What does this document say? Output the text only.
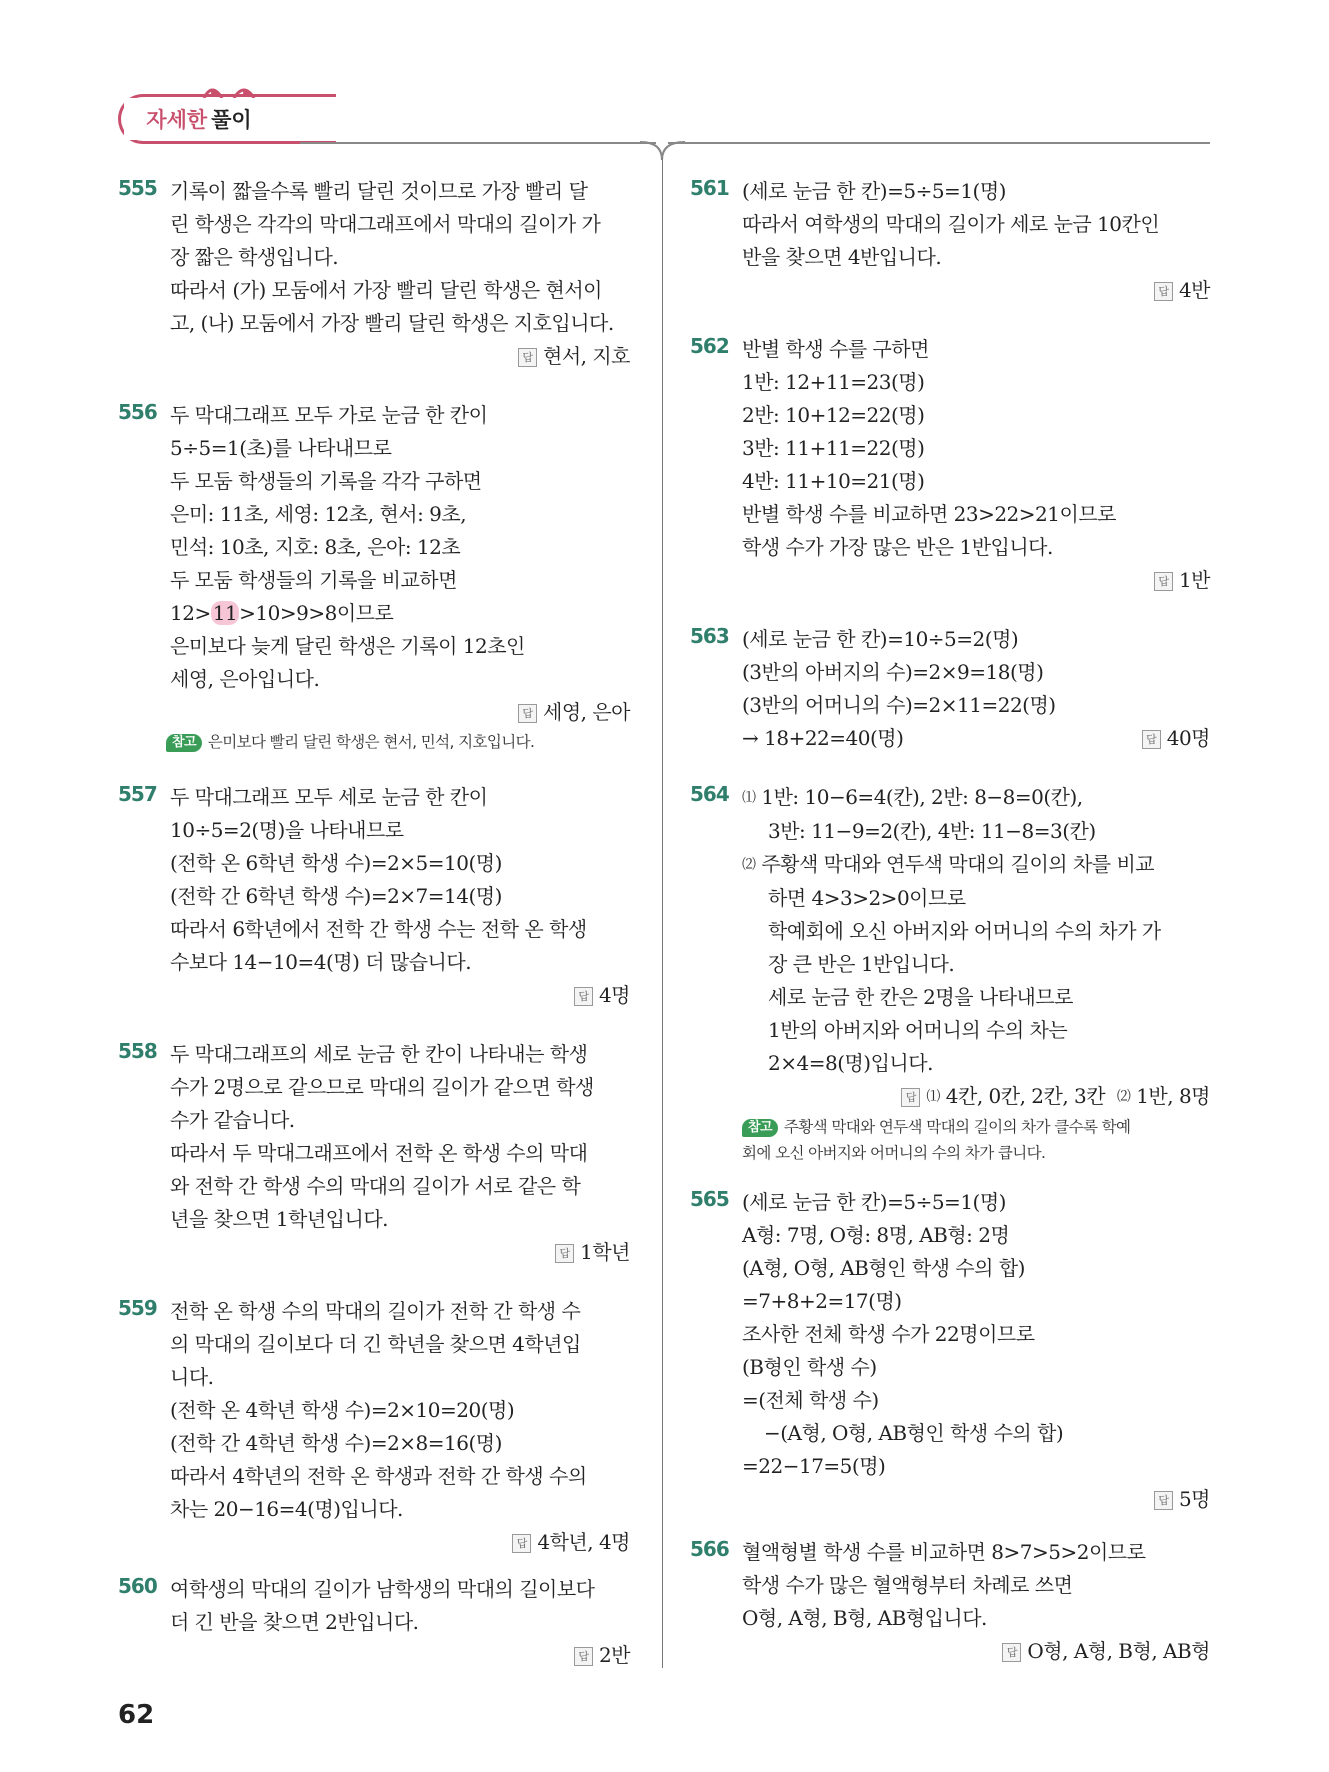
자세한 풀이
555 기록이 짧을수록 빨리 달린 것이므로 가장 빨리 달
린 학생은 각각의 막대그래프에서 막대의 길이가 가
장 짧은 학생입니다.
따라서 (가) 모둠에서 가장 빨리 달린 학생은 현서이
고, (나) 모둠에서 가장 빨리 달린 학생은 지호입니다.
답 현서, 지호
556 두 막대그래프 모두 가로 눈금 한 칸이
5÷5=1(초)를 나타내므로
두 모둠 학생들의 기록을 각각 구하면
은미: 11초, 세영: 12초, 현서: 9초,
민석: 10초, 지호: 8초, 은아: 12초
두 모둠 학생들의 기록을 비교하면
12> 11 >10>9>8이므로
은미보다 늦게 달린 학생은 기록이 12초인
세영, 은아입니다.
답 세영, 은아
참고 은미보다 빨리 달린 학생은 현서, 민석, 지호입니다.
557 두 막대그래프 모두 세로 눈금 한 칸이
10÷5=2(명)을 나타내므로
(전학 온 6학년 학생 수)=2×5=10(명)
(전학 간 6학년 학생 수)=2×7=14(명)
따라서 6학년에서 전학 간 학생 수는 전학 온 학생
수보다 14−10=4(명) 더 많습니다.
답 4명
558 두 막대그래프의 세로 눈금 한 칸이 나타내는 학생
수가 2명으로 같으므로 막대의 길이가 같으면 학생
수가 같습니다.
따라서 두 막대그래프에서 전학 온 학생 수의 막대
와 전학 간 학생 수의 막대의 길이가 서로 같은 학
년을 찾으면 1학년입니다.
답 1학년
559 전학 온 학생 수의 막대의 길이가 전학 간 학생 수
의 막대의 길이보다 더 긴 학년을 찾으면 4학년입
니다.
(전학 온 4학년 학생 수)=2×10=20(명)
(전학 간 4학년 학생 수)=2×8=16(명)
따라서 4학년의 전학 온 학생과 전학 간 학생 수의
차는 20−16=4(명)입니다.
답 4학년, 4명
560 여학생의 막대의 길이가 남학생의 막대의 길이보다
더 긴 반을 찾으면 2반입니다.
답 2반
561 (세로 눈금 한 칸)=5÷5=1(명)
따라서 여학생의 막대의 길이가 세로 눈금 10칸인
반을 찾으면 4반입니다.
답 4반
562 반별 학생 수를 구하면
1반: 12+11=23(명)
2반: 10+12=22(명)
3반: 11+11=22(명)
4반: 11+10=21(명)
반별 학생 수를 비교하면 23>22>21이므로
학생 수가 가장 많은 반은 1반입니다.
답 1반
563 (세로 눈금 한 칸)=10÷5=2(명)
(3반의 아버지의 수)=2×9=18(명)
(3반의 어머니의 수)=2×11=22(명)
→ 18+22=40(명)	답 40명
564 ⑴ 1반: 10−6=4(칸), 2반: 8−8=0(칸),
3반: 11−9=2(칸), 4반: 11−8=3(칸)
⑵ 주황색 막대와 연두색 막대의 길이의 차를 비교
하면 4>3>2>0이므로
학예회에 오신 아버지와 어머니의 수의 차가 가
장 큰 반은 1반입니다.
세로 눈금 한 칸은 2명을 나타내므로
1반의 아버지와 어머니의 수의 차는
2×4=8(명)입니다.
답 ⑴ 4칸, 0칸, 2칸, 3칸 ⑵ 1반, 8명
참고 주황색 막대와 연두색 막대의 길이의 차가 클수록 학예
회에 오신 아버지와 어머니의 수의 차가 큽니다.
565 (세로 눈금 한 칸)=5÷5=1(명)
A형: 7명, O형: 8명, AB형: 2명
(A형, O형, AB형인 학생 수의 합)
=7+8+2=17(명)
조사한 전체 학생 수가 22명이므로
(B형인 학생 수)
=(전체 학생 수)
−(A형, O형, AB형인 학생 수의 합)
=22−17=5(명)
답 5명
566 혈액형별 학생 수를 비교하면 8>7>5>2이므로
학생 수가 많은 혈액형부터 차례로 쓰면
O형, A형, B형, AB형입니다.
답 O형, A형, B형, AB형
62
